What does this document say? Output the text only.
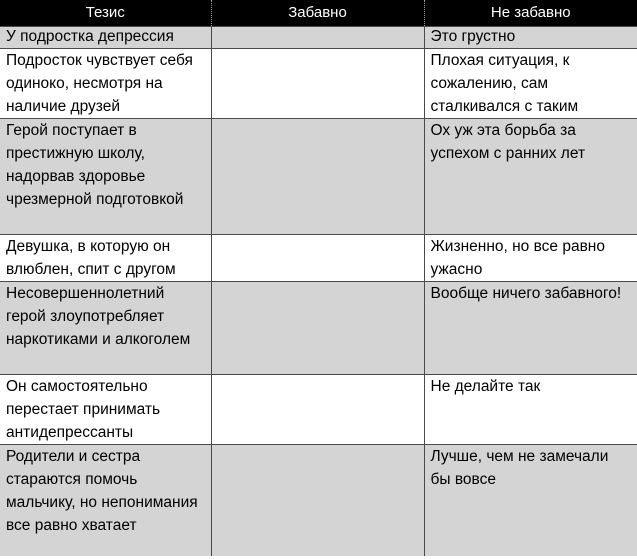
Тезис	Забавно	Не забавно
У подростка депрессия		Это грустно
Подросток чувствует себя одиноко, несмотря на наличие друзей		Плохая ситуация, к сожалению, сам сталкивался с таким
Герой поступает в престижную школу, надорвав здоровье чрезмерной подготовкой		Ох уж эта борьба за успехом с ранних лет
Девушка, в которую он влюблен, спит с другом		Жизненно, но все равно ужасно
Несовершеннолетний герой злоупотребляет наркотиками и алкоголем		Вообще ничего забавного!
Он самостоятельно перестает принимать антидепрессанты		Не делайте так
Родители и сестра стараются помочь мальчику, но непонимания все равно хватает		Лучше, чем не замечали бы вовсе
